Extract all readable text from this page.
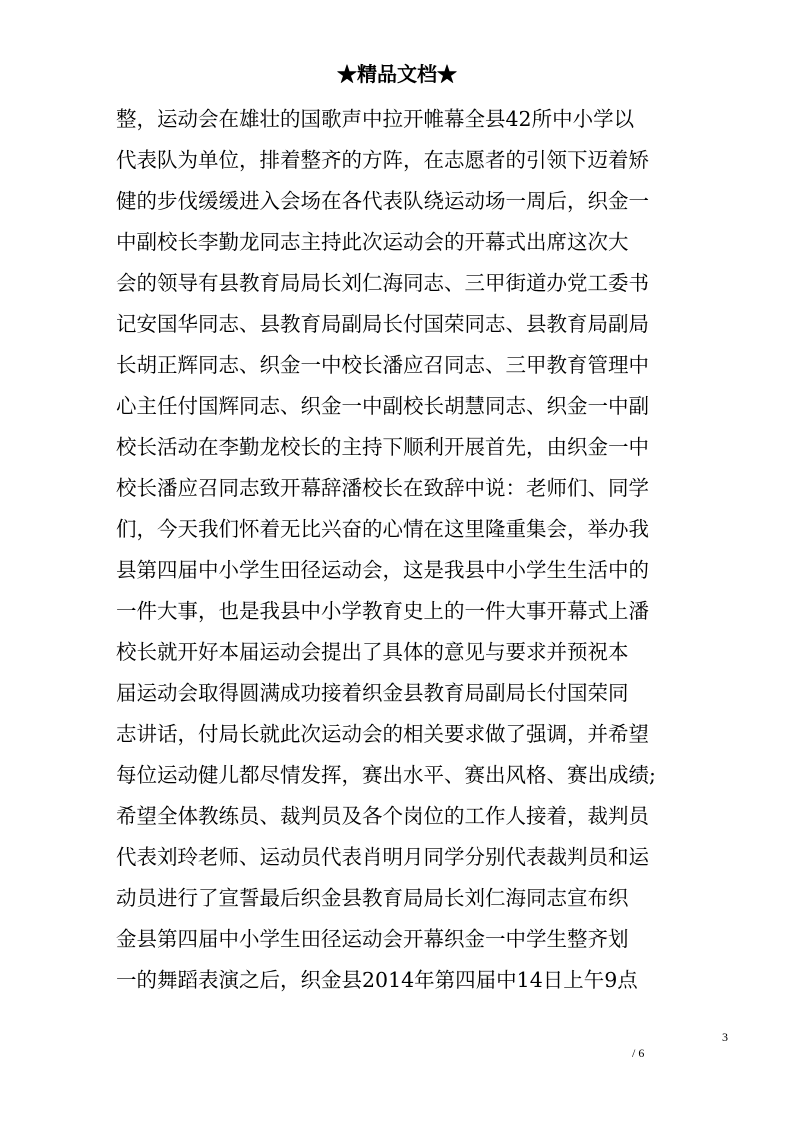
★精品文档★
整，运动会在雄壮的国歌声中拉开帷幕全县42所中小学以
代表队为单位，排着整齐的方阵，在志愿者的引领下迈着矫
健的步伐缓缓进入会场在各代表队绕运动场一周后，织金一
中副校长李勤龙同志主持此次运动会的开幕式出席这次大
会的领导有县教育局局长刘仁海同志、三甲街道办党工委书
记安国华同志、县教育局副局长付国荣同志、县教育局副局
长胡正辉同志、织金一中校长潘应召同志、三甲教育管理中
心主任付国辉同志、织金一中副校长胡慧同志、织金一中副
校长活动在李勤龙校长的主持下顺利开展首先，由织金一中
校长潘应召同志致开幕辞潘校长在致辞中说：老师们、同学
们，今天我们怀着无比兴奋的心情在这里隆重集会，举办我
县第四届中小学生田径运动会，这是我县中小学生生活中的
一件大事，也是我县中小学教育史上的一件大事开幕式上潘
校长就开好本届运动会提出了具体的意见与要求并预祝本
届运动会取得圆满成功接着织金县教育局副局长付国荣同
志讲话，付局长就此次运动会的相关要求做了强调，并希望
每位运动健儿都尽情发挥，赛出水平、赛出风格、赛出成绩;
希望全体教练员、裁判员及各个岗位的工作人接着，裁判员
代表刘玲老师、运动员代表肖明月同学分别代表裁判员和运
动员进行了宣誓最后织金县教育局局长刘仁海同志宣布织
金县第四届中小学生田径运动会开幕织金一中学生整齐划
一的舞蹈表演之后，织金县2014年第四届中14日上午9点
3
/ 6
